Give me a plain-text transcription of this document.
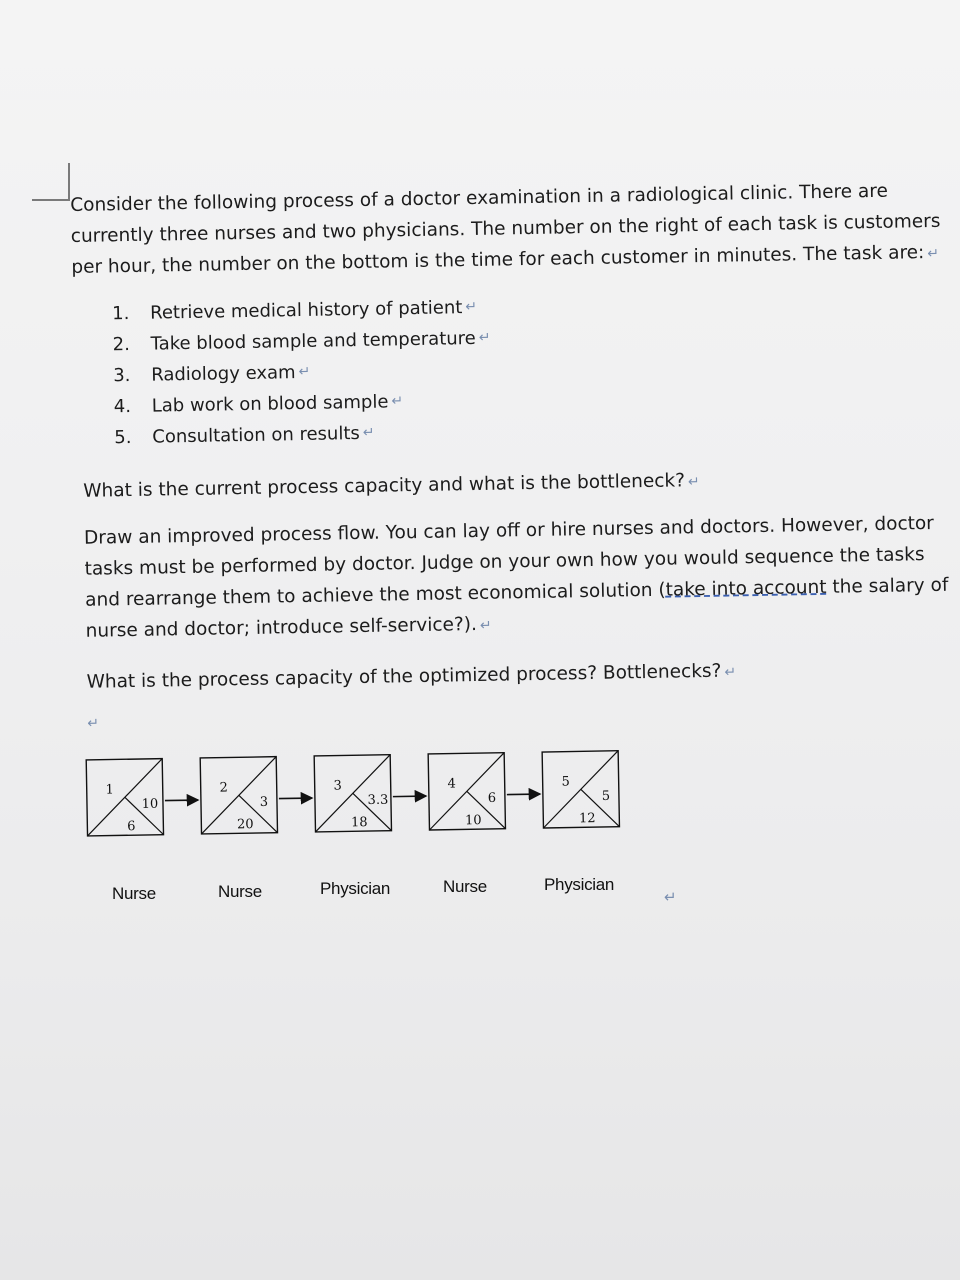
Consider the following process of a doctor examination in a radiological clinic. There are currently three nurses and two physicians. The number on the right of each task is customers per hour, the number on the bottom is the time for each customer in minutes. The task are: ↵

1.	Retrieve medical history of patient ↵
2.	Take blood sample and temperature ↵
3.	Radiology exam ↵
4.	Lab work on blood sample ↵
5.	Consultation on results ↵

What is the current process capacity and what is the bottleneck? ↵

Draw an improved process flow. You can lay off or hire nurses and doctors. However, doctor tasks must be performed by doctor. Judge on your own how you would sequence the tasks and rearrange them to achieve the most economical solution (take into account the salary of nurse and doctor; introduce self-service?). ↵

What is the process capacity of the optimized process? Bottlenecks? ↵

↵
1
10
6
2
3
20
3
3.3
18
4
6
10
5
5
12
Nurse	Nurse	Physician	Nurse	Physician
↵
